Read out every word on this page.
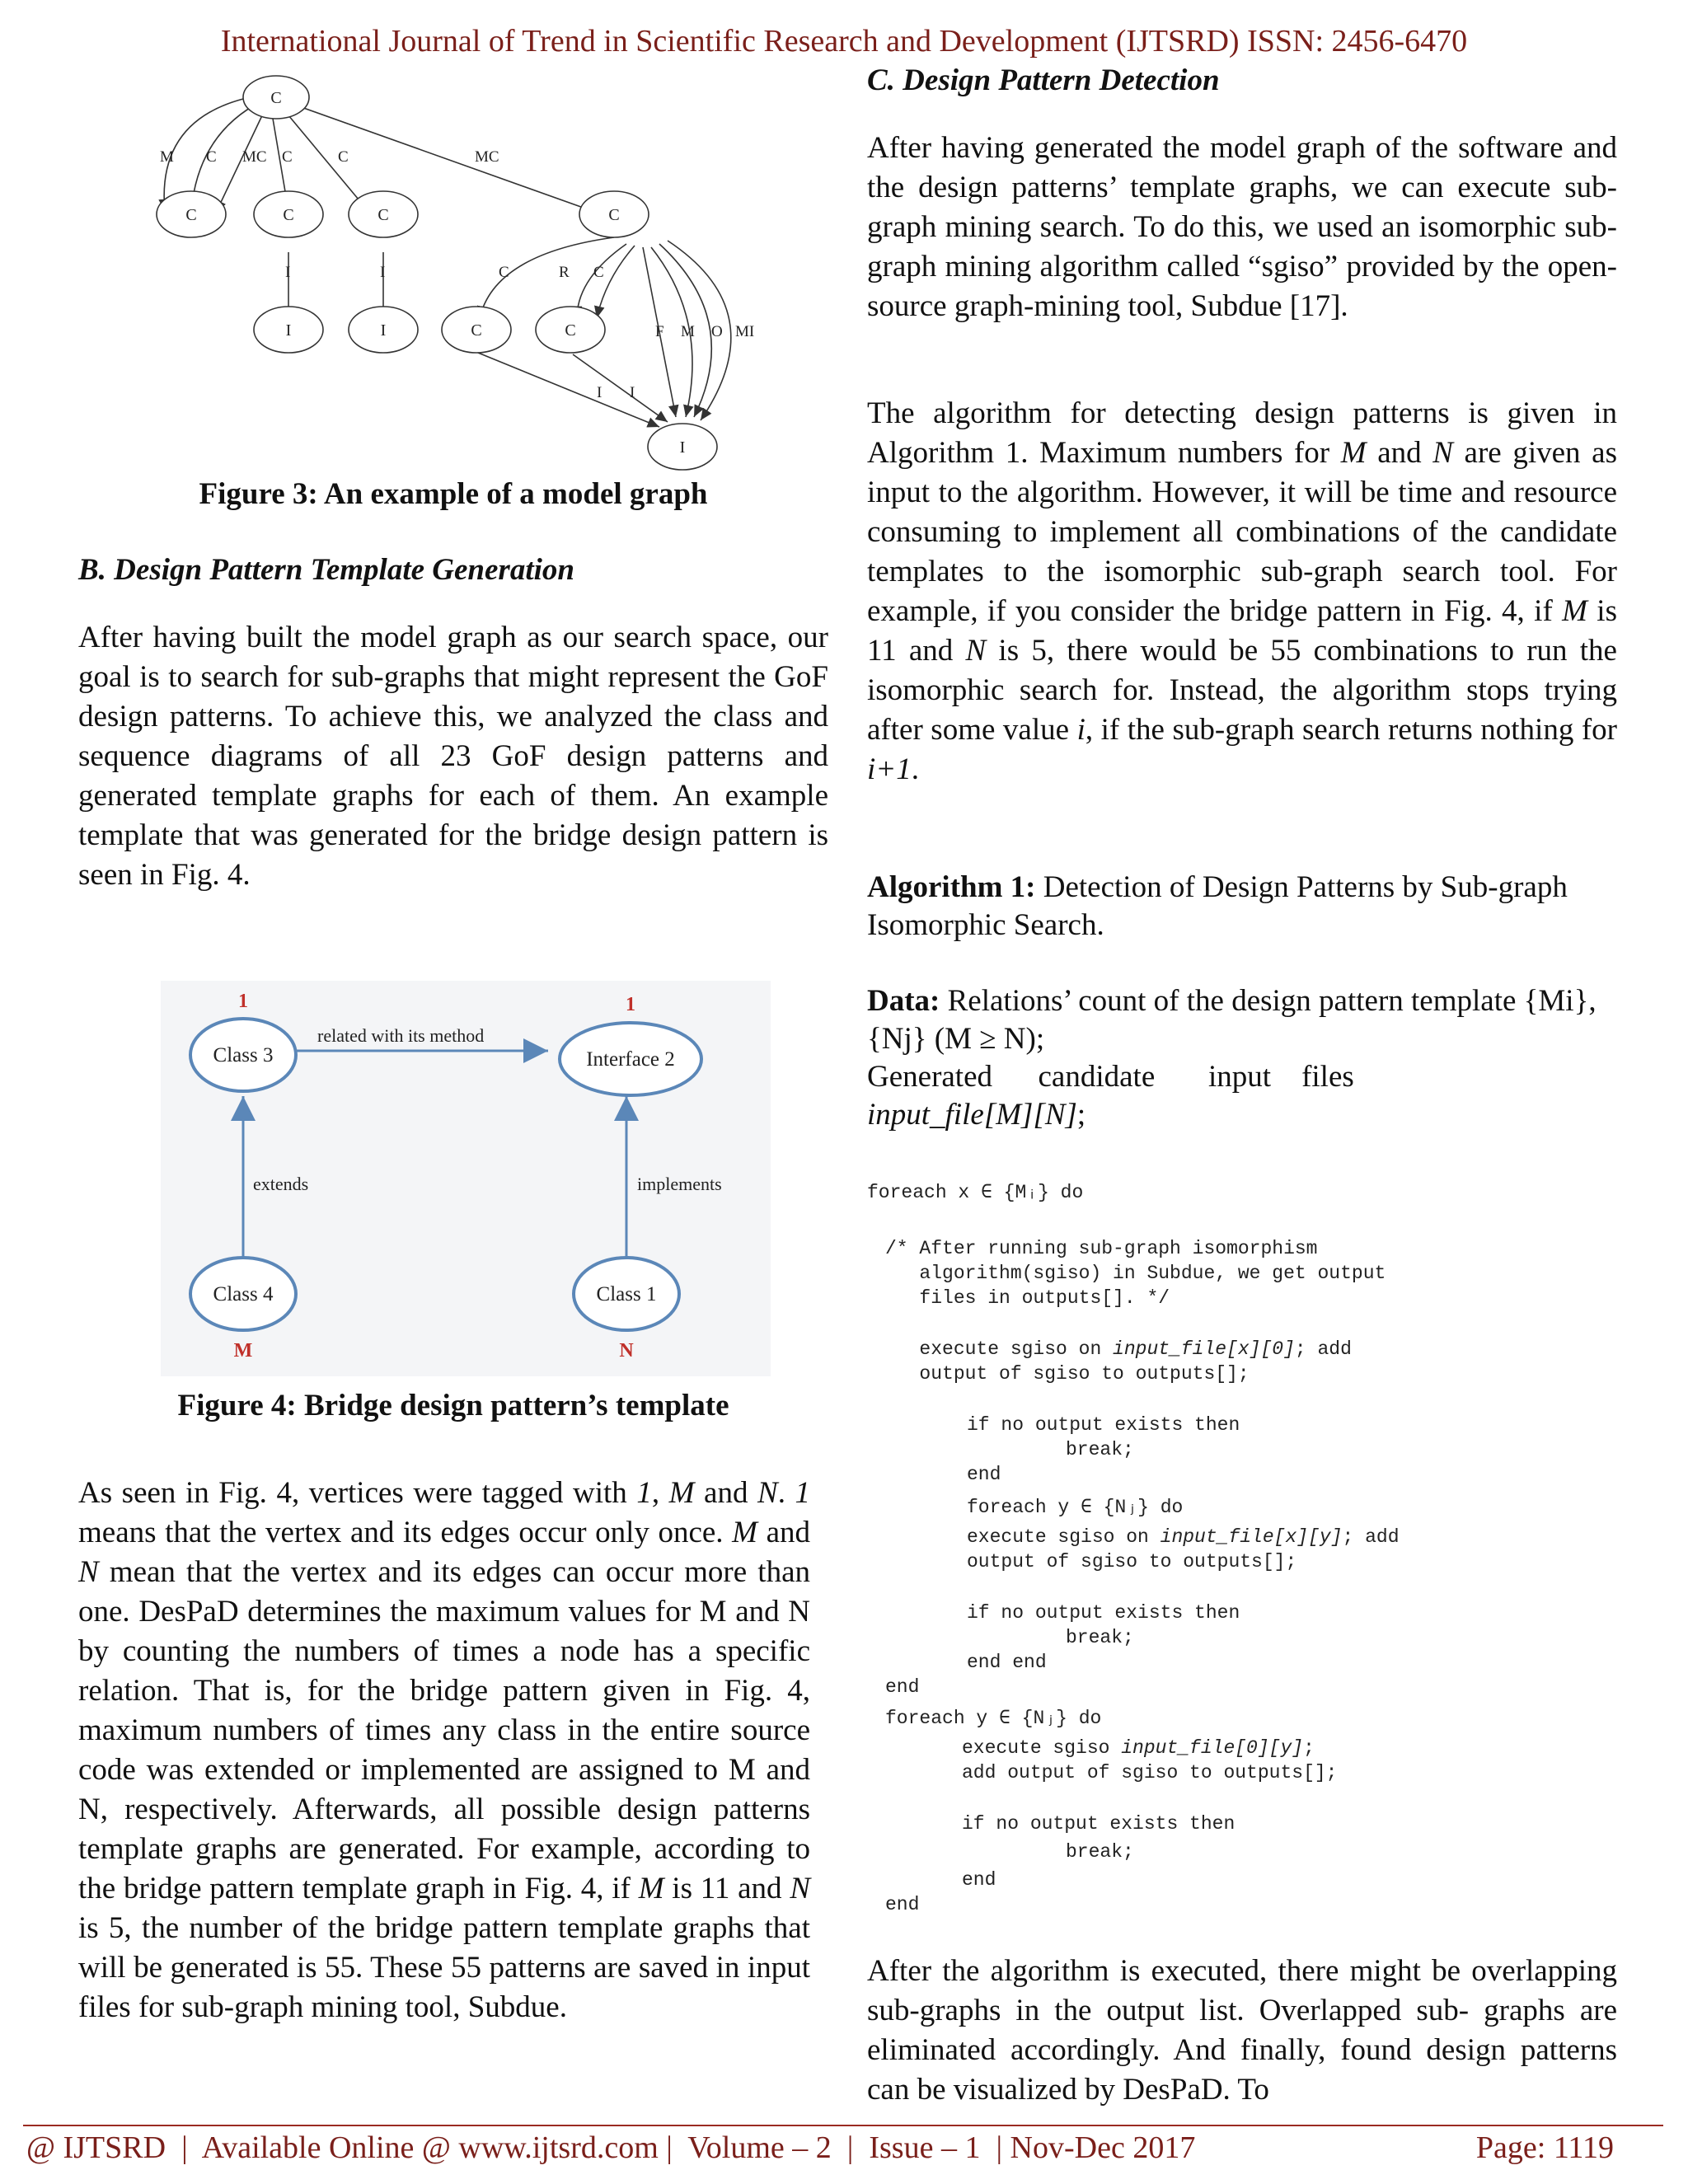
International Journal of Trend in Scientific Research and Development (IJTSRD) ISSN: 2456-6470
C
C	C	C	C
I	I	C	C
I
M C MC C	C	MC
I	I	C	R C
F M O MI
I I
Figure 3: An example of a model graph
B. Design Pattern Template Generation
After having built the model graph as our search space, our goal is to search for sub-graphs that might represent the GoF design patterns. To achieve this, we analyzed the class and sequence diagrams of all 23 GoF design patterns and generated template graphs for each of them. An example template that was generated for the bridge design pattern is seen in Fig. 4.
Class 3	Interface 2
Class 4	Class 1
1	1
M	N
related with its method
extends	implements
Figure 4: Bridge design pattern’s template
As seen in Fig. 4, vertices were tagged with 1, M and N. 1 means that the vertex and its edges occur only once. M and N mean that the vertex and its edges can occur more than one. DesPaD determines the maximum values for M and N by counting the numbers of times a node has a specific relation. That is, for the bridge pattern given in Fig. 4, maximum numbers of times any class in the entire source code was extended or implemented are assigned to M and N, respectively. Afterwards, all possible design patterns template graphs are generated. For example, according to the bridge pattern template graph in Fig. 4, if M is 11 and N is 5, the number of the bridge pattern template graphs that will be generated is 55. These 55 patterns are saved in input files for sub-graph mining tool, Subdue.
C. Design Pattern Detection
After having generated the model graph of the software and the design patterns’ template graphs, we can execute sub-graph mining search. To do this, we used an isomorphic sub-graph mining algorithm called “sgiso” provided by the open-source graph-mining tool, Subdue [17].
The algorithm for detecting design patterns is given in Algorithm 1. Maximum numbers for M and N are given as input to the algorithm. However, it will be time and resource consuming to implement all combinations of the candidate templates to the isomorphic sub-graph search tool. For example, if you consider the bridge pattern in Fig. 4, if M is 11 and N is 5, there would be 55 combinations to run the isomorphic search for. Instead, the algorithm stops trying after some value i, if the sub-graph search returns nothing for i+1.
Algorithm 1: Detection of Design Patterns by Sub-graph Isomorphic Search.
Data: Relations’ count of the design pattern template {Mi}, {Nj} (M ≥ N);
Generated      candidate       input    files
input_file[M][N];
foreach x ∈ {Mᵢ} do
/* After running sub-graph isomorphism
algorithm(sgiso) in Subdue, we get output
files in outputs[]. */
execute sgiso on input_file[x][0]; add
output of sgiso to outputs[];
if no output exists then
break;
end
foreach y ∈ {Nⱼ} do
execute sgiso on input_file[x][y]; add
output of sgiso to outputs[];
if no output exists then
break;
end end
end
foreach y ∈ {Nⱼ} do
execute sgiso input_file[0][y];
add output of sgiso to outputs[];
if no output exists then
break;
end
end
After the algorithm is executed, there might be overlapping sub-graphs in the output list. Overlapped sub- graphs are eliminated accordingly. And finally, found design patterns can be visualized by DesPaD. To
@ IJTSRD  |  Available Online @ www.ijtsrd.com |  Volume – 2  |  Issue – 1  | Nov-Dec 2017	Page: 1119
